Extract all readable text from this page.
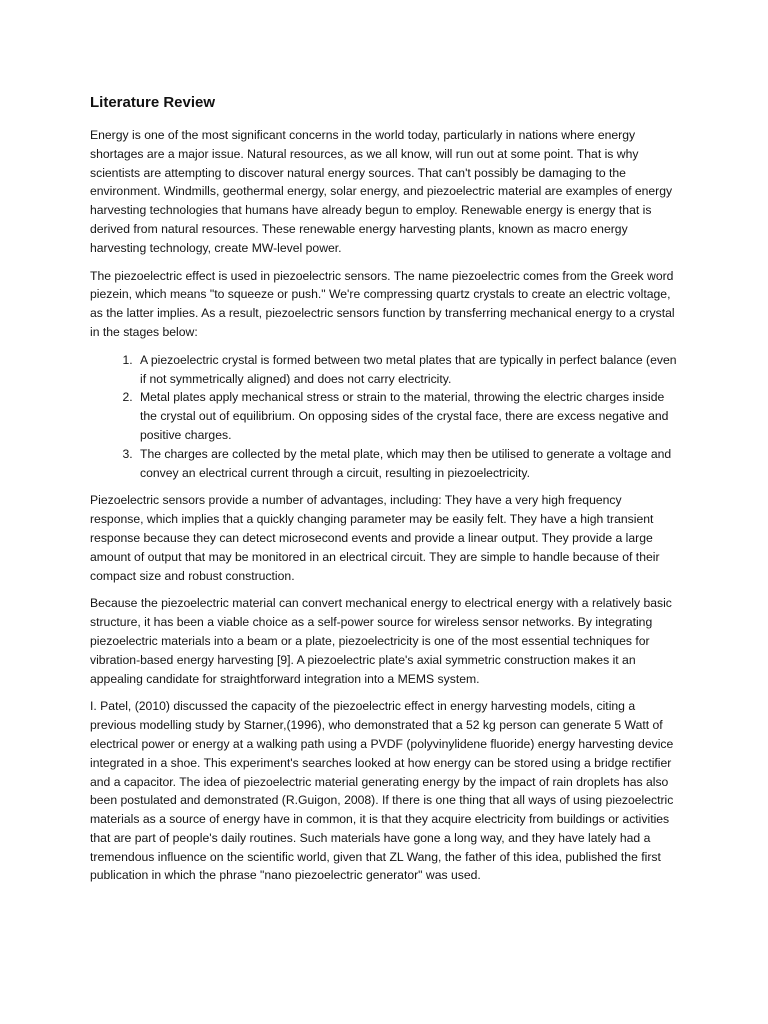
Literature Review

Energy is one of the most significant concerns in the world today, particularly in nations where energy shortages are a major issue. Natural resources, as we all know, will run out at some point. That is why scientists are attempting to discover natural energy sources. That can't possibly be damaging to the environment. Windmills, geothermal energy, solar energy, and piezoelectric material are examples of energy harvesting technologies that humans have already begun to employ. Renewable energy is energy that is derived from natural resources. These renewable energy harvesting plants, known as macro energy harvesting technology, create MW-level power.

The piezoelectric effect is used in piezoelectric sensors. The name piezoelectric comes from the Greek word piezein, which means "to squeeze or push." We're compressing quartz crystals to create an electric voltage, as the latter implies. As a result, piezoelectric sensors function by transferring mechanical energy to a crystal in the stages below:

1. A piezoelectric crystal is formed between two metal plates that are typically in perfect balance (even if not symmetrically aligned) and does not carry electricity.
2. Metal plates apply mechanical stress or strain to the material, throwing the electric charges inside the crystal out of equilibrium. On opposing sides of the crystal face, there are excess negative and positive charges.
3. The charges are collected by the metal plate, which may then be utilised to generate a voltage and convey an electrical current through a circuit, resulting in piezoelectricity.

Piezoelectric sensors provide a number of advantages, including: They have a very high frequency response, which implies that a quickly changing parameter may be easily felt. They have a high transient response because they can detect microsecond events and provide a linear output. They provide a large amount of output that may be monitored in an electrical circuit. They are simple to handle because of their compact size and robust construction.

Because the piezoelectric material can convert mechanical energy to electrical energy with a relatively basic structure, it has been a viable choice as a self-power source for wireless sensor networks. By integrating piezoelectric materials into a beam or a plate, piezoelectricity is one of the most essential techniques for vibration-based energy harvesting [9]. A piezoelectric plate's axial symmetric construction makes it an appealing candidate for straightforward integration into a MEMS system.

I. Patel, (2010) discussed the capacity of the piezoelectric effect in energy harvesting models, citing a previous modelling study by Starner,(1996), who demonstrated that a 52 kg person can generate 5 Watt of electrical power or energy at a walking path using a PVDF (polyvinylidene fluoride) energy harvesting device integrated in a shoe. This experiment's searches looked at how energy can be stored using a bridge rectifier and a capacitor. The idea of piezoelectric material generating energy by the impact of rain droplets has also been postulated and demonstrated (R.Guigon, 2008). If there is one thing that all ways of using piezoelectric materials as a source of energy have in common, it is that they acquire electricity from buildings or activities that are part of people's daily routines. Such materials have gone a long way, and they have lately had a tremendous influence on the scientific world, given that ZL Wang, the father of this idea, published the first publication in which the phrase "nano piezoelectric generator" was used.
